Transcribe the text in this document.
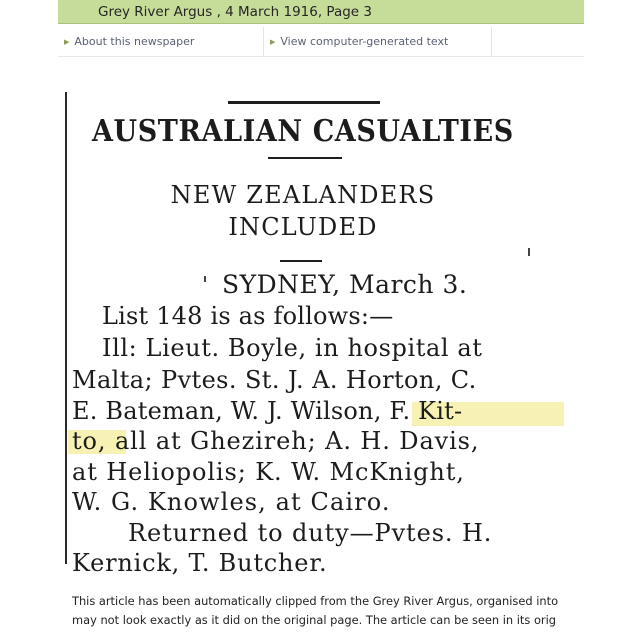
Grey River Argus , 4 March 1916, Page 3
▶ About this newspaper	▶ View computer-generated text
AUSTRALIAN CASUALTIES
NEW ZEALANDERS
INCLUDED
SYDNEY, March 3.
List 148 is as follows:—
Ill: Lieut. Boyle, in hospital at
Malta; Pvtes. St. J. A. Horton, C.
E. Bateman, W. J. Wilson, F. Kit-
to, all at Ghezireh; A. H. Davis,
at Heliopolis; K. W. McKnight,
W. G. Knowles, at Cairo.
Returned to duty—Pvtes. H.
Kernick, T. Butcher.
This article has been automatically clipped from the Grey River Argus, organised into
may not look exactly as it did on the original page. The article can be seen in its orig
